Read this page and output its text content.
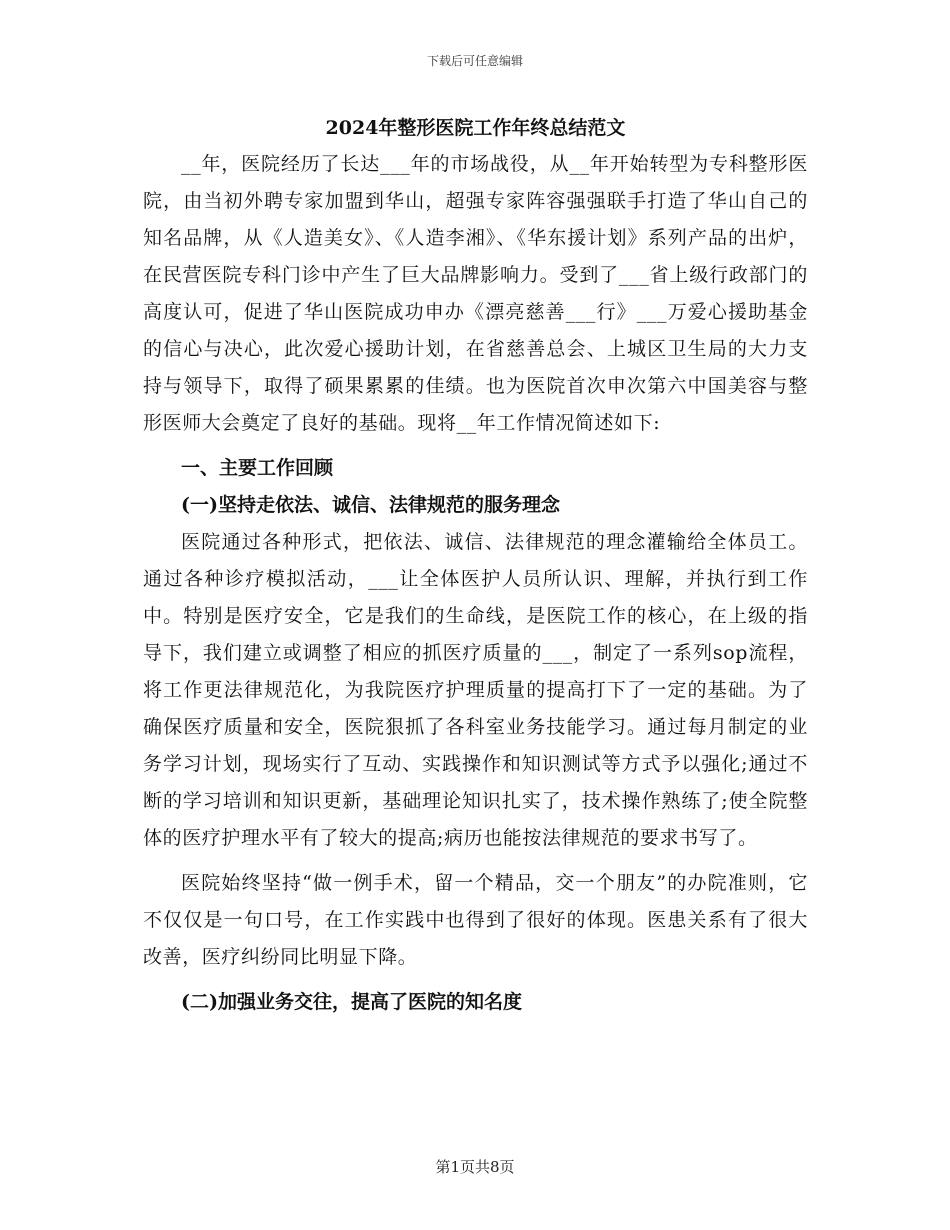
下载后可任意编辑
2024年整形医院工作年终总结范文

__年，医院经历了长达___年的市场战役，从__年开始转型为专科整形医院，由当初外聘专家加盟到华山，超强专家阵容强强联手打造了华山自己的知名品牌，从《人造美女》、《人造李湘》、《华东援计划》系列产品的出炉，在民营医院专科门诊中产生了巨大品牌影响力。受到了___省上级行政部门的高度认可，促进了华山医院成功申办《漂亮慈善___行》___万爱心援助基金的信心与决心，此次爱心援助计划，在省慈善总会、上城区卫生局的大力支持与领导下，取得了硕果累累的佳绩。也为医院首次申次第六中国美容与整形医师大会奠定了良好的基础。现将__年工作情况简述如下:

一、主要工作回顾

(一)坚持走依法、诚信、法律规范的服务理念

医院通过各种形式，把依法、诚信、法律规范的理念灌输给全体员工。通过各种诊疗模拟活动，___让全体医护人员所认识、理解，并执行到工作中。特别是医疗安全，它是我们的生命线，是医院工作的核心，在上级的指导下，我们建立或调整了相应的抓医疗质量的___，制定了一系列sop流程，将工作更法律规范化，为我院医疗护理质量的提高打下了一定的基础。为了确保医疗质量和安全，医院狠抓了各科室业务技能学习。通过每月制定的业务学习计划，现场实行了互动、实践操作和知识测试等方式予以强化;通过不断的学习培训和知识更新，基础理论知识扎实了，技术操作熟练了;使全院整体的医疗护理水平有了较大的提高;病历也能按法律规范的要求书写了。

医院始终坚持“做一例手术，留一个精品，交一个朋友”的办院准则，它不仅仅是一句口号，在工作实践中也得到了很好的体现。医患关系有了很大改善，医疗纠纷同比明显下降。

(二)加强业务交往，提高了医院的知名度

第1页共8页
